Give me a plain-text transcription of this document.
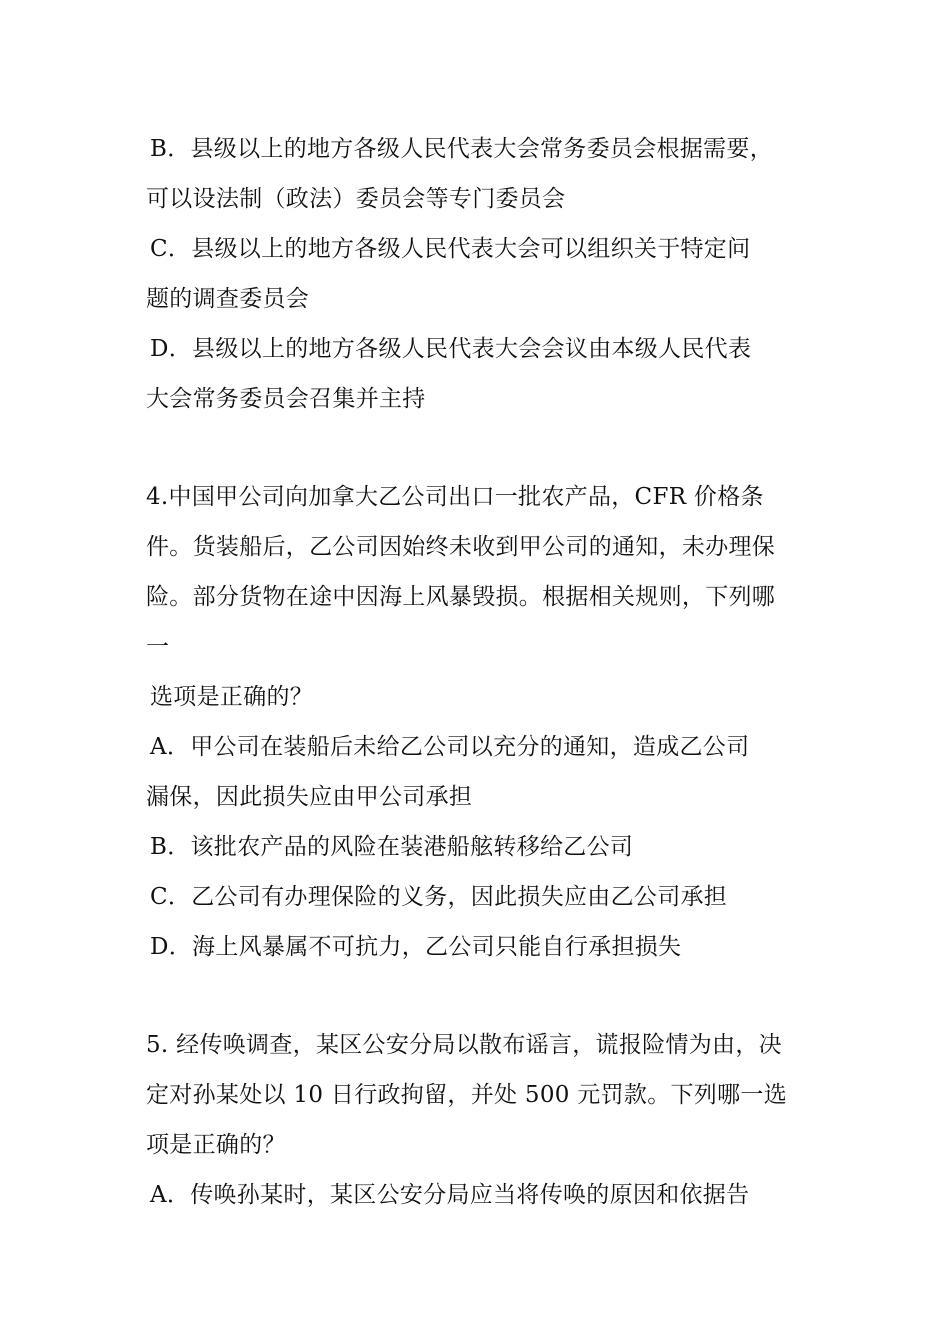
B．县级以上的地方各级人民代表大会常务委员会根据需要，
可以设法制（政法）委员会等专门委员会
C．县级以上的地方各级人民代表大会可以组织关于特定问
题的调查委员会
D．县级以上的地方各级人民代表大会会议由本级人民代表
大会常务委员会召集并主持
4.中国甲公司向加拿大乙公司出口一批农产品，CFR 价格条
件。货装船后，乙公司因始终未收到甲公司的通知，未办理保
险。部分货物在途中因海上风暴毁损。根据相关规则，下列哪
一
选项是正确的？
A．甲公司在装船后未给乙公司以充分的通知，造成乙公司
漏保，因此损失应由甲公司承担
B．该批农产品的风险在装港船舷转移给乙公司
C．乙公司有办理保险的义务，因此损失应由乙公司承担
D．海上风暴属不可抗力，乙公司只能自行承担损失
5. 经传唤调查，某区公安分局以散布谣言，谎报险情为由，决
定对孙某处以 10 日行政拘留，并处 500 元罚款。下列哪一选
项是正确的？
A．传唤孙某时，某区公安分局应当将传唤的原因和依据告
